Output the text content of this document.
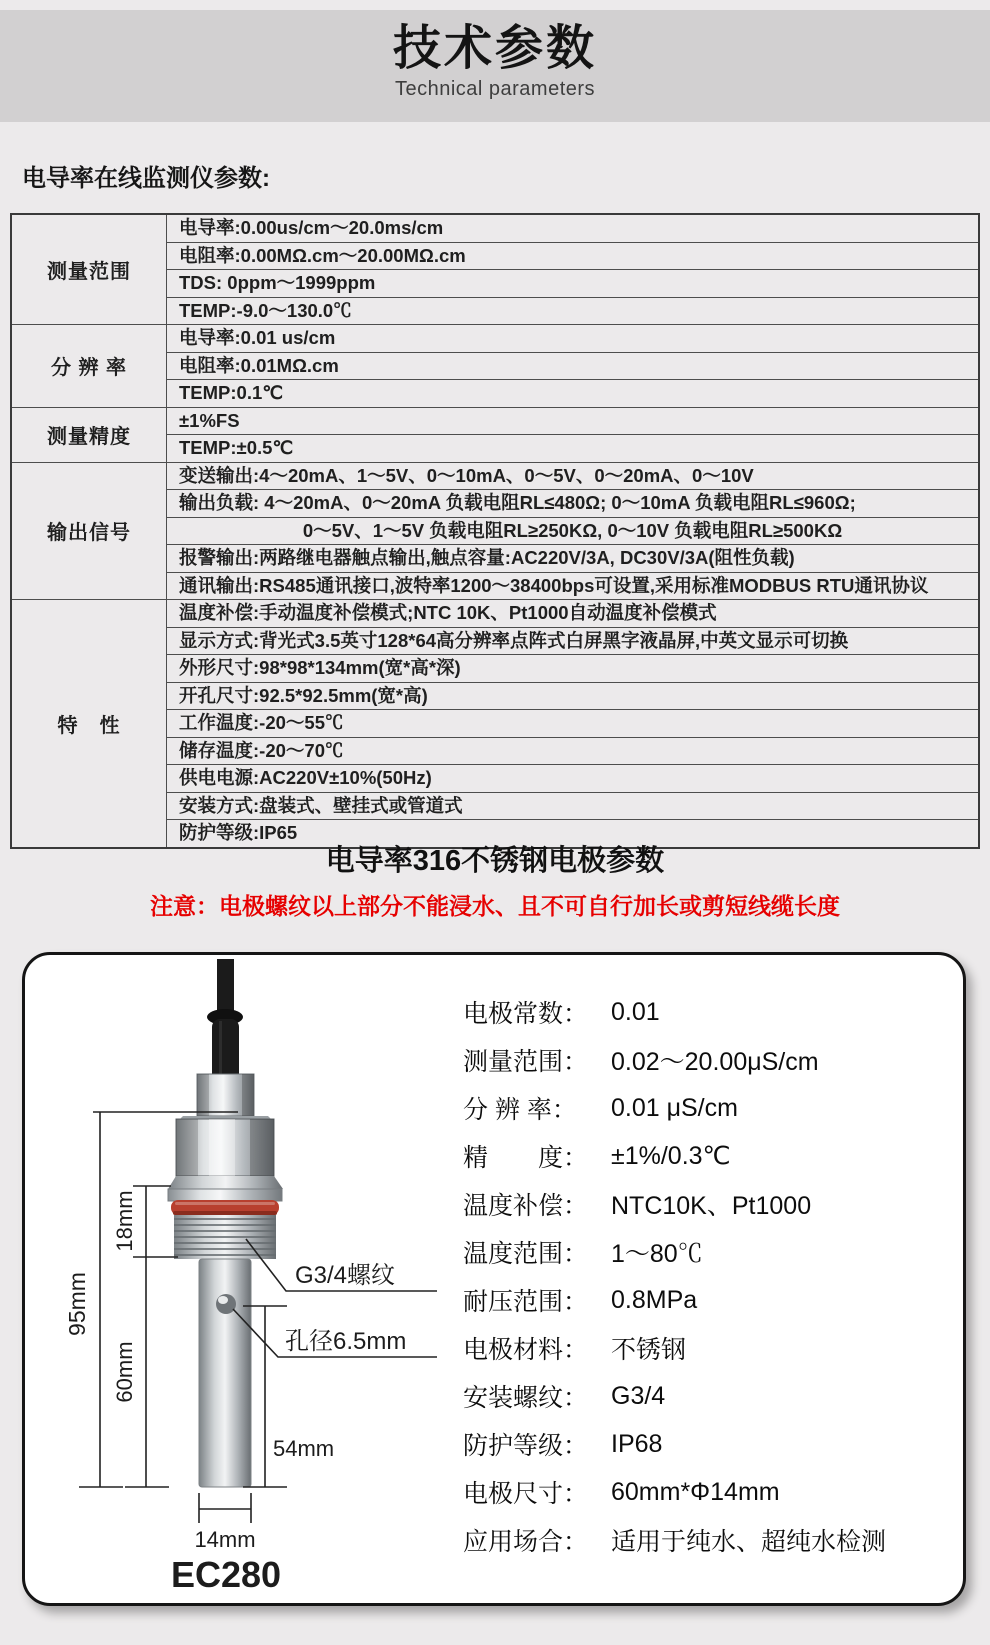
技术参数
Technical parameters
电导率在线监测仪参数:
测量范围	电导率:0.00us/cm～20.0ms/cm
	电阻率:0.00MΩ.cm～20.00MΩ.cm
	TDS: 0ppm～1999ppm
	TEMP:-9.0～130.0℃
分 辨 率	电导率:0.01 us/cm
	电阻率:0.01MΩ.cm
	TEMP:0.1℃
测量精度	±1%FS
	TEMP:±0.5℃
输出信号	变送输出:4～20mA、1～5V、0～10mA、0～5V、0～20mA、0～10V
	输出负载: 4～20mA、0～20mA 负载电阻RL≤480Ω; 0～10mA 负载电阻RL≤960Ω;
	0～5V、1～5V 负载电阻RL≥250KΩ, 0～10V 负载电阻RL≥500KΩ
	报警输出:两路继电器触点输出,触点容量:AC220V/3A, DC30V/3A(阻性负载)
	通讯输出:RS485通讯接口,波特率1200～38400bps可设置,采用标准MODBUS RTU通讯协议
特　性	温度补偿:手动温度补偿模式;NTC 10K、Pt1000自动温度补偿模式
	显示方式:背光式3.5英寸128*64高分辨率点阵式白屏黑字液晶屏,中英文显示可切换
	外形尺寸:98*98*134mm(宽*高*深)
	开孔尺寸:92.5*92.5mm(宽*高)
	工作温度:-20～55℃
	储存温度:-20～70℃
	供电电源:AC220V±10%(50Hz)
	安装方式:盘装式、壁挂式或管道式
	防护等级:IP65
电导率316不锈钢电极参数
注意：电极螺纹以上部分不能浸水、且不可自行加长或剪短线缆长度
95mm
18mm
60mm
54mm
14mm
G3/4螺纹
孔径6.5mm
EC280
电极常数： 0.01
测量范围： 0.02～20.00μS/cm
分 辨 率：	0.01 μS/cm
精　　度： ±1%/0.3℃
温度补偿： NTC10K、Pt1000
温度范围： 1～80℃
耐压范围： 0.8MPa
电极材料： 不锈钢
安装螺纹： G3/4
防护等级： IP68
电极尺寸： 60mm*Φ14mm
应用场合： 适用于纯水、超纯水检测
